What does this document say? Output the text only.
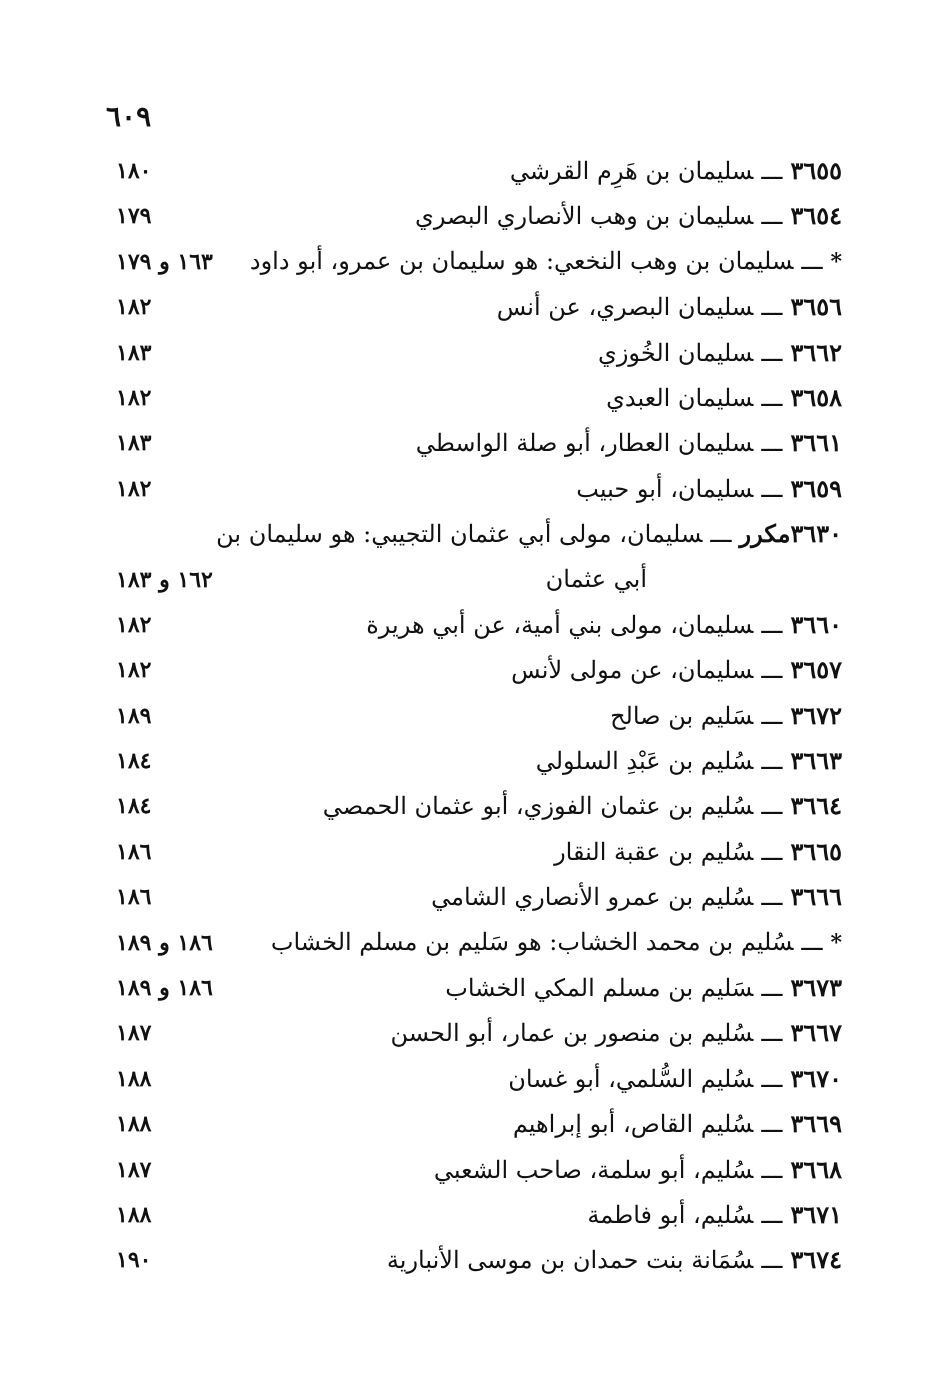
٦٠٩
٣٦٥٥ـــسليمان بن هَرِم القرشي
١٨٠
٣٦٥٤ـــسليمان بن وهب الأنصاري البصري
١٧٩
*ـــسليمان بن وهب النخعي: هو سليمان بن عمرو، أبو داود
١٦٣ و ١٧٩
٣٦٥٦ـــسليمان البصري، عن أنس
١٨٢
٣٦٦٢ـــسليمان الخُوزي
١٨٣
٣٦٥٨ـــسليمان العبدي
١٨٢
٣٦٦١ـــسليمان العطار، أبو صلة الواسطي
١٨٣
٣٦٥٩ـــسليمان، أبو حبيب
١٨٢
٣٦٣٠مكررـــسليمان، مولى أبي عثمان التجيبي: هو سليمان بن
أبي عثمان
١٦٢ و ١٨٣
٣٦٦٠ـــسليمان، مولى بني أمية، عن أبي هريرة
١٨٢
٣٦٥٧ـــسليمان، عن مولى لأنس
١٨٢
٣٦٧٢ـــسَليم بن صالح
١٨٩
٣٦٦٣ـــسُليم بن عَبْدِ السلولي
١٨٤
٣٦٦٤ـــسُليم بن عثمان الفوزي، أبو عثمان الحمصي
١٨٤
٣٦٦٥ـــسُليم بن عقبة النقار
١٨٦
٣٦٦٦ـــسُليم بن عمرو الأنصاري الشامي
١٨٦
*ـــسُليم بن محمد الخشاب: هو سَليم بن مسلم الخشاب
١٨٦ و ١٨٩
٣٦٧٣ـــسَليم بن مسلم المكي الخشاب
١٨٦ و ١٨٩
٣٦٦٧ـــسُليم بن منصور بن عمار، أبو الحسن
١٨٧
٣٦٧٠ـــسُليم السُّلمي، أبو غسان
١٨٨
٣٦٦٩ـــسُليم القاص، أبو إبراهيم
١٨٨
٣٦٦٨ـــسُليم، أبو سلمة، صاحب الشعبي
١٨٧
٣٦٧١ـــسُليم، أبو فاطمة
١٨٨
٣٦٧٤ـــسُمَانة بنت حمدان بن موسى الأنبارية
١٩٠
